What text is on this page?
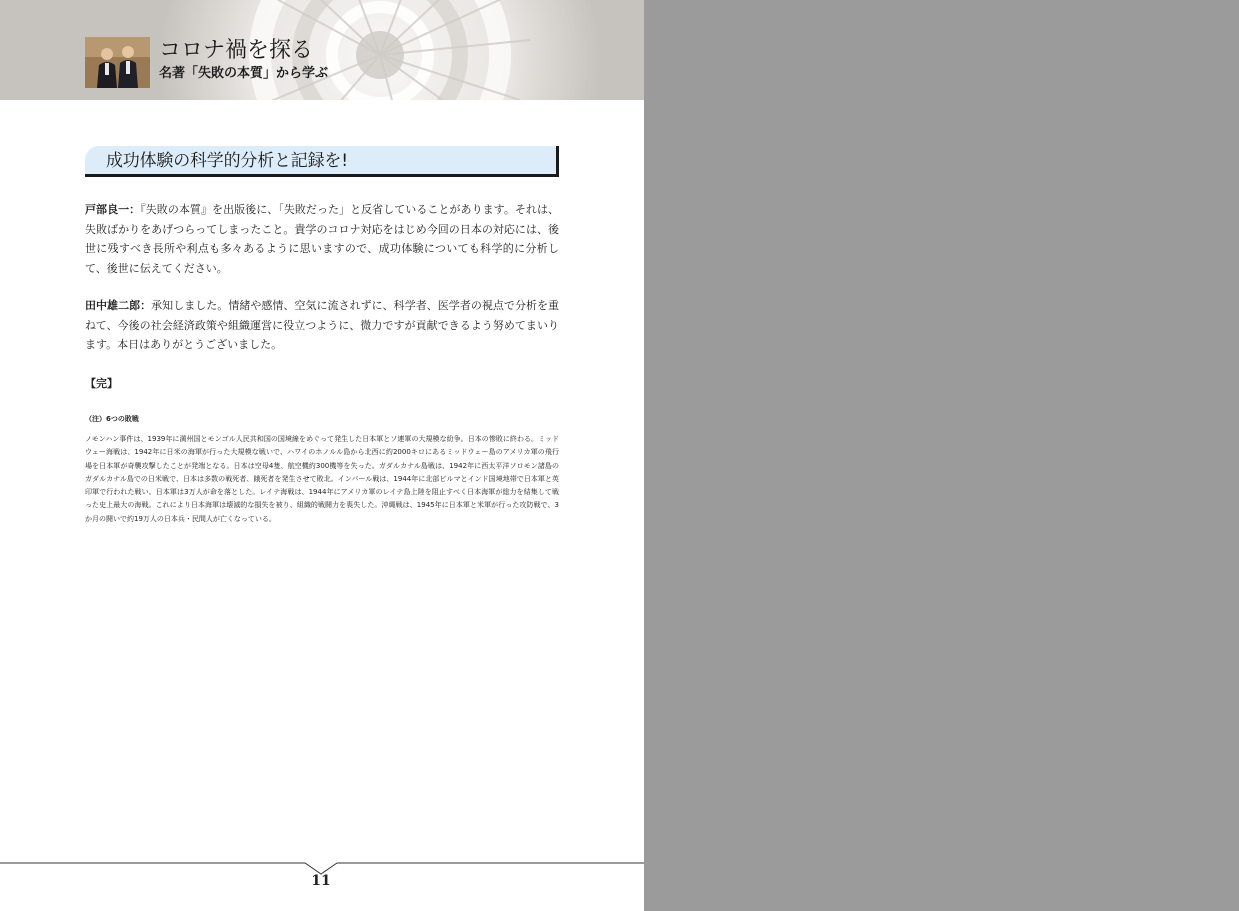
コロナ禍を探る
名著「失敗の本質」から学ぶ
成功体験の科学的分析と記録を!
戸部良一：『失敗の本質』を出版後に、「失敗だった」と反省していることがあります。それは、失敗ばかりをあげつらってしまったこと。貴学のコロナ対応をはじめ今回の日本の対応には、後世に残すべき長所や利点も多々あるように思いますので、成功体験についても科学的に分析して、後世に伝えてください。
田中雄二郎：承知しました。情緒や感情、空気に流されずに、科学者、医学者の視点で分析を重ねて、今後の社会経済政策や組織運営に役立つように、微力ですが貢献できるよう努めてまいります。本日はありがとうございました。
【完】
（注）6つの敗戦
ノモンハン事件は、1939年に満州国とモンゴル人民共和国の国境線をめぐって発生した日本軍とソ連軍の大規模な紛争。日本の惨敗に終わる。ミッドウェー海戦は、1942年に日米の海軍が行った大規模な戦いで、ハワイのホノルル島から北西に約2000キロにあるミッドウェー島のアメリカ軍の飛行場を日本軍が奇襲攻撃したことが発端となる。日本は空母4隻、航空機約300機等を失った。ガダルカナル島戦は、1942年に西太平洋ソロモン諸島のガダルカナル島での日米戦で、日本は多数の戦死者、餓死者を発生させて敗北。インパール戦は、1944年に北部ビルマとインド国境地帯で日本軍と英印軍で行われた戦い。日本軍は3万人が命を落とした。レイテ海戦は、1944年にアメリカ軍のレイテ島上陸を阻止すべく日本海軍が総力を結集して戦った史上最大の海戦。これにより日本海軍は壊滅的な損失を被り、組織的戦闘力を喪失した。沖縄戦は、1945年に日本軍と米軍が行った攻防戦で、3か月の闘いで約19万人の日本兵・民間人が亡くなっている。
11
